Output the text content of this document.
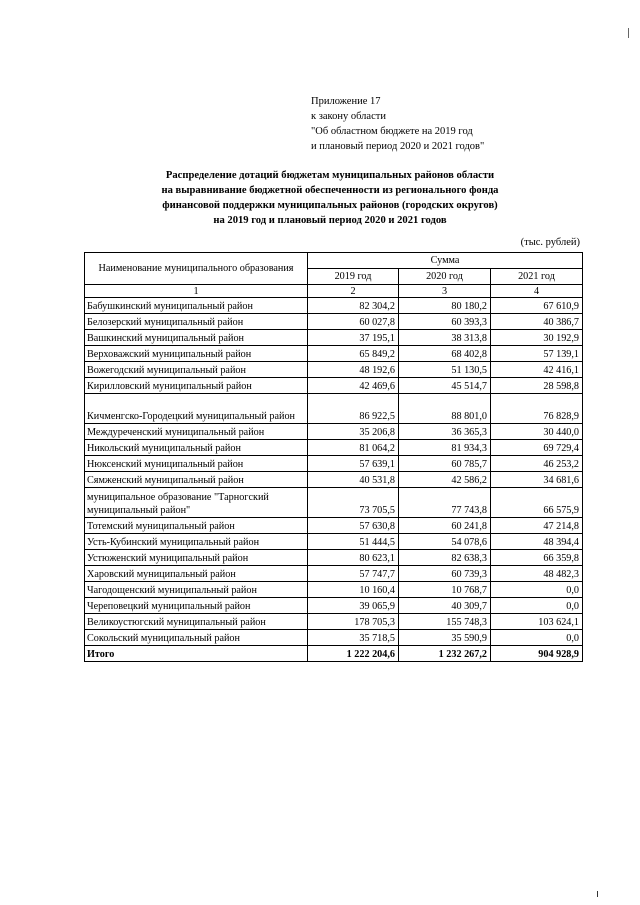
Приложение 17
к закону области
"Об областном бюджете на 2019 год
и плановый период 2020 и 2021 годов"
Распределение дотаций бюджетам муниципальных районов области
на выравнивание бюджетной обеспеченности из регионального фонда
финансовой поддержки муниципальных районов (городских округов)
на 2019 год и плановый период 2020 и 2021 годов
(тыс. рублей)
Наименование муниципального образования	Сумма		
	2019 год	2020 год	2021 год
1	2	3	4
Бабушкинский муниципальный район	82 304,2	80 180,2	67 610,9
Белозерский муниципальный район	60 027,8	60 393,3	40 386,7
Вашкинский муниципальный район	37 195,1	38 313,8	30 192,9
Верховажский муниципальный район	65 849,2	68 402,8	57 139,1
Вожегодский муниципальный район	48 192,6	51 130,5	42 416,1
Кирилловский муниципальный район	42 469,6	45 514,7	28 598,8
Кичменгско-Городецкий муниципальный район	86 922,5	88 801,0	76 828,9
Междуреченский муниципальный район	35 206,8	36 365,3	30 440,0
Никольский муниципальный район	81 064,2	81 934,3	69 729,4
Нюксенский муниципальный район	57 639,1	60 785,7	46 253,2
Сямженский муниципальный район	40 531,8	42 586,2	34 681,6
муниципальное образование "Тарногский муниципальный район"	73 705,5	77 743,8	66 575,9
Тотемский муниципальный район	57 630,8	60 241,8	47 214,8
Усть-Кубинский муниципальный район	51 444,5	54 078,6	48 394,4
Устюженский муниципальный район	80 623,1	82 638,3	66 359,8
Харовский муниципальный район	57 747,7	60 739,3	48 482,3
Чагодощенский муниципальный район	10 160,4	10 768,7	0,0
Череповецкий муниципальный район	39 065,9	40 309,7	0,0
Великоустюгский муниципальный район	178 705,3	155 748,3	103 624,1
Сокольский муниципальный район	35 718,5	35 590,9	0,0
Итого	1 222 204,6	1 232 267,2	904 928,9
